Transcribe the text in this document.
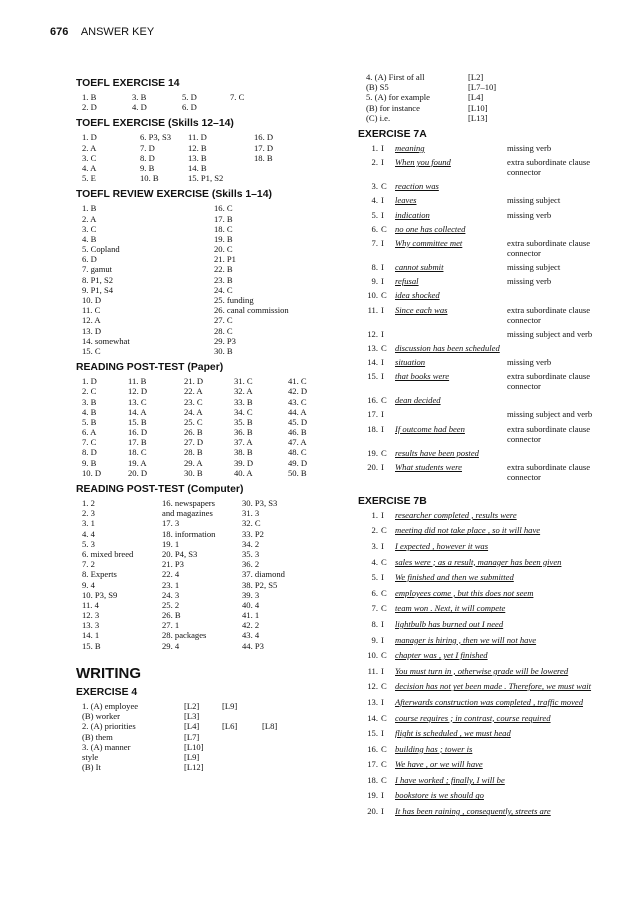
676 ANSWER KEY
TOEFL EXERCISE 14
1. B	3. B	5. D	7. C
2. D	4. D	6. D
TOEFL EXERCISE (Skills 12–14)
1. D	6. P3, S3 11. D	16. D
2. A	7. D	12. B	17. D
3. C	8. D	13. B	18. B
4. A	9. B	14. B
5. E	10. B	15. P1, S2
TOEFL REVIEW EXERCISE (Skills 1–14)
1. B	16. C
2. A	17. B
3. C	18. C
4. B	19. B
5. Copland	20. C
6. D	21. P1
7. gamut	22. B
8. P1, S2	23. B
9. P1, S4	24. C
10. D	25. funding
11. C	26. canal commission
12. A	27. C
13. D	28. C
14. somewhat	29. P3
15. C	30. B
READING POST-TEST (Paper)
1. D	11. B	21. D	31. C	41. C
2. C	12. D	22. A	32. A	42. D
3. B	13. C	23. C	33. B	43. C
4. B	14. A	24. A	34. C	44. A
5. B	15. B	25. C	35. B	45. D
6. A	16. D	26. B	36. B	46. B
7. C	17. B	27. D	37. A	47. A
8. D	18. C	28. B	38. B	48. C
9. B	19. A	29. A	39. D	49. D
10. D	20. D	30. B	40. A	50. B
READING POST-TEST (Computer)
1. 2	16. newspapers	30. P3, S3
2. 3	and magazines	31. 3
3. 1	17. 3	32. C
4. 4	18. information	33. P2
5. 3	19. 1	34. 2
6. mixed breed	20. P4, S3	35. 3
7. 2	21. P3	36. 2
8. Experts	22. 4	37. diamond
9. 4	23. 1	38. P2, S5
10. P3, S9	24. 3	39. 3
11. 4	25. 2	40. 4
12. 3	26. B	41. 1
13. 3	27. 1	42. 2
14. 1	28. packages	43. 4
15. B	29. 4	44. P3
WRITING
EXERCISE 4
1. (A) employee	[L2]	[L9]
(B) worker	[L3]
2. (A) priorities	[L4]	[L6]	[L8]
(B) them	[L7]
3. (A) manner	[L10]
style	[L9]
(B) It	[L12]
4. (A) First of all	[L2]
(B) S5	[L7–10]
5. (A) for example	[L4]
(B) for instance	[L10]
(C) i.e.	[L13]
EXERCISE 7A
1. I	meaning	missing verb
2. I	When you found	extra subordinate clause connector
3. C reaction was
4. I	leaves	missing subject
5. I	indication	missing verb
6. C no one has collected
7. I	Why committee met	extra subordinate clause connector
8. I	cannot submit	missing subject
9. I	refusal	missing verb
10. C idea shocked
11. I	Since each was	extra subordinate clause connector
12. I	missing subject and verb
13. C discussion has been scheduled
14. I	situation	missing verb
15. I	that books were	extra subordinate clause connector
16. C dean decided
17. I	missing subject and verb
18. I	If outcome had been	extra subordinate clause connector
19. C results have been posted
20. I	What students were	extra subordinate clause connector
EXERCISE 7B
1. I	researcher completed , results were
2. C meeting did not take place , so it will have
3. I	I expected , however it was
4. C sales were ; as a result, manager has been given
5. I	We finished and then we submitted
6. C employees come , but this does not seem
7. C team won . Next, it will compete
8. I	lightbulb has burned out I need
9. I	manager is hiring , then we will not have
10. C chapter was , yet I finished
11. I	You must turn in , otherwise grade will be lowered
12. C decision has not yet been made . Therefore, we must wait
13. I	Afterwards construction was completed , traffic moved
14. C course requires ; in contrast, course required
15. I	flight is scheduled , we must head
16. C building has ; tower is
17. C We have , or we will have
18. C I have worked ; finally, I will be
19. I	bookstore is we should go
20. I	It has been raining , consequently, streets are
